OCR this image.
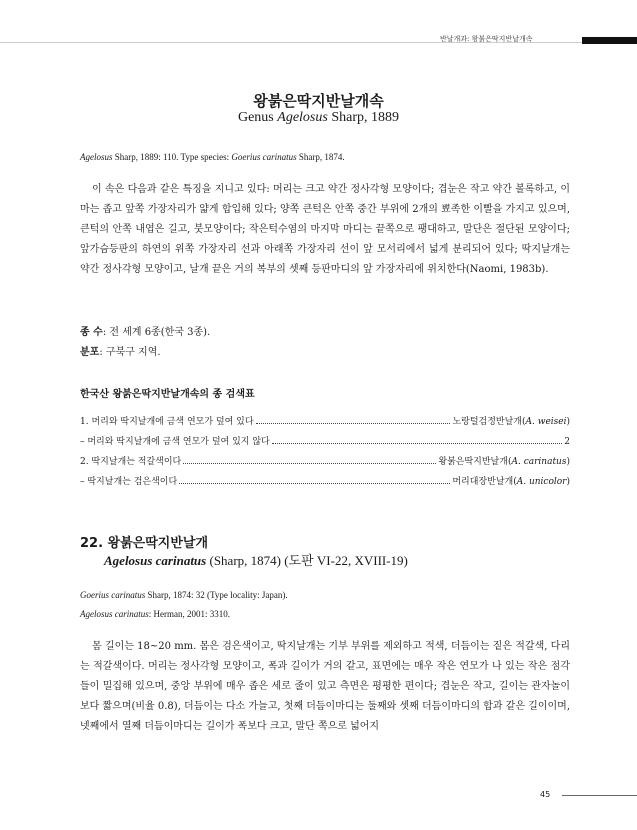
반날개과: 왕붉은딱지반날개속
왕붉은딱지반날개속
Genus Agelosus Sharp, 1889
Agelosus Sharp, 1889: 110. Type species: Goerius carinatus Sharp, 1874.
이 속은 다음과 같은 특징을 지니고 있다: 머리는 크고 약간 정사각형 모양이다; 겹눈은 작고 약간 볼록하고, 이마는 좁고 앞쪽 가장자리가 얇게 합입해 있다; 양쪽 큰턱은 안쪽 중간 부위에 2개의 뾰족한 이빨을 가지고 있으며, 큰턱의 안쪽 내엽은 길고, 붓모양이다; 작은턱수염의 마지막 마디는 끝쪽으로 팽대하고, 말단은 절단된 모양이다; 앞가슴등판의 하연의 위쪽 가장자리 선과 아래쪽 가장자리 선이 앞 모서리에서 넓게 분리되어 있다; 딱지날개는 약간 정사각형 모양이고, 날개 끝은 거의 복부의 셋째 등판마디의 앞 가장자리에 위치한다(Naomi, 1983b).
종 수: 전 세계 6종(한국 3종).
분포: 구북구 지역.
한국산 왕붉은딱지반날개속의 종 검색표
1. 머리와 딱지날개에 금색 연모가 덮여 있다	노랑털검정반날개(A. weisei)
– 머리와 딱지날개에 금색 연모가 덮여 있지 않다	2
2. 딱지날개는 적갈색이다	왕붉은딱지반날개(A. carinatus)
– 딱지날개는 검은색이다	머리대장반날개(A. unicolor)
22. 왕붉은딱지반날개
Agelosus carinatus (Sharp, 1874) (도판 VI-22, XVIII-19)
Goerius carinatus Sharp, 1874: 32 (Type locality: Japan).
Agelosus carinatus: Herman, 2001: 3310.
몸 길이는 18~20 mm. 몸은 검은색이고, 딱지날개는 기부 부위를 제외하고 적색, 더듬이는 짙은 적갈색, 다리는 적갈색이다. 머리는 정사각형 모양이고, 폭과 길이가 거의 같고, 표면에는 매우 작은 연모가 나 있는 작은 점각들이 밀집해 있으며, 중앙 부위에 매우 좁은 세로 줄이 있고 측면은 평평한 편이다; 겹눈은 작고, 길이는 관자놀이보다 짧으며(비율 0.8), 더듬이는 다소 가늘고, 첫째 더듬이마디는 둘째와 셋째 더듬이마디의 합과 같은 길이이며, 넷째에서 열째 더듬이마디는 길이가 폭보다 크고, 말단 쪽으로 넓어지
45
